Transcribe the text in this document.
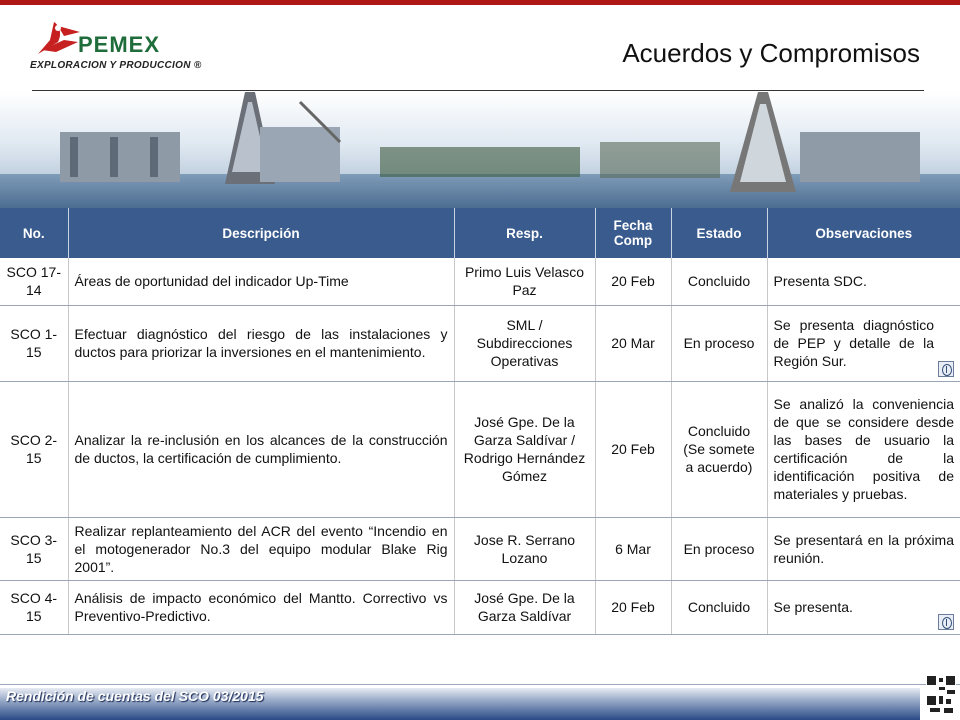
PEMEX
EXPLORACION Y PRODUCCION ®	Acuerdos y Compromisos
No.	Descripción	Resp.	Fecha Comp	Estado	Observaciones
SCO 17-14	Áreas de oportunidad del indicador Up-Time	Primo Luis Velasco Paz	20 Feb	Concluido	Presenta SDC.
SCO 1-15	Efectuar diagnóstico del riesgo de las instalaciones y ductos para priorizar la inversiones en el mantenimiento.	SML / Subdirecciones Operativas	20 Mar	En proceso	Se presenta diagnóstico de PEP y detalle de la Región Sur.

SCO 2-15	Analizar la re-inclusión en los alcances de la construcción de ductos, la certificación de cumplimiento.	José Gpe. De la Garza Saldívar / Rodrigo Hernández Gómez	20 Feb	Concluido (Se somete a acuerdo)	Se analizó la conveniencia de que se considere desde las bases de usuario la certificación de la identificación positiva de materiales y pruebas.
SCO 3-15	Realizar replanteamiento del ACR del evento “Incendio en el motogenerador No.3 del equipo modular Blake Rig 2001”.	Jose R. Serrano Lozano	6 Mar	En proceso	Se presentará en la próxima reunión.
SCO 4-15	Análisis de impacto económico del Mantto. Correctivo vs Preventivo-Predictivo.	José Gpe. De la Garza Saldívar	20 Feb	Concluido	Se presenta.
Rendición de cuentas del SCO 03/2015
